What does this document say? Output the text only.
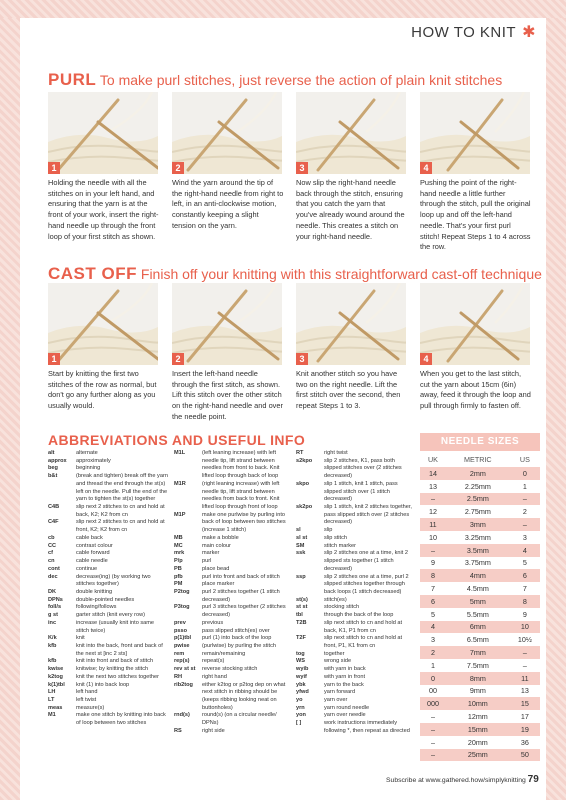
HOW TO KNIT ✱
PURL To make purl stitches, just reverse the action of plain knit stitches
1
Holding the needle with all the stitches on in your left hand, and ensuring that the yarn is at the front of your work, insert the right-hand needle up through the front loop of your first stitch as shown.
2
Wind the yarn around the tip of the right-hand needle from right to left, in an anti-clockwise motion, constantly keeping a slight tension on the yarn.
3
Now slip the right-hand needle back through the stitch, ensuring that you catch the yarn that you've already wound around the needle. This creates a stitch on your right-hand needle.
4
Pushing the point of the right-hand needle a little further through the stitch, pull the original loop up and off the left-hand needle. That's your first purl stitch! Repeat Steps 1 to 4 across the row.
CAST OFF Finish off your knitting with this straightforward cast-off technique
1
Start by knitting the first two stitches of the row as normal, but don't go any further along as you usually would.
2
Insert the left-hand needle through the first stitch, as shown. Lift this stitch over the other stitch on the right-hand needle and over the needle point.
3
Knit another stitch so you have two on the right needle. Lift the first stitch over the second, then repeat Steps 1 to 3.
4
When you get to the last stitch, cut the yarn about 15cm (6in) away, feed it through the loop and pull through firmly to fasten off.
ABBREVIATIONS AND USEFUL INFO
alt	alternate
approx	approximately
beg	beginning
b&t	(break and tighten) break off the yarn and thread the end through the st(s) left on the needle. Pull the end of the yarn to tighten the st(s) together
C4B	slip next 2 stitches to cn and hold at back, K2; K2 from cn
C4F	slip next 2 stitches to cn and hold at front, K2; K2 from cn
cb	cable back
CC	contrast colour
cf	cable forward
cn	cable needle
cont	continue
dec	decrease(ing) (by working two stitches together)
DK	double knitting
DPNs	double-pointed needles
foll/s	following/follows
g st	garter stitch (knit every row)
inc	increase (usually knit into same stitch twice)
K/k	knit
kfb	knit into the back, front and back of the next st [inc 2 sts]
kfb	knit into front and back of stitch
kwise	knitwise; by knitting the stitch
k2tog	knit the next two stitches together
k(1)tbl	knit (1) into back loop
LH	left hand
LT	left twist
meas	measure(s)
M1	make one stitch by knitting into back of loop between two stitches
M1L	(left leaning increase) with left needle tip, lift strand between needles from front to back. Knit lifted loop through back of loop
M1R	(right leaning increase) with left needle tip, lift strand between needles from back to front. Knit lifted loop through front of loop
M1P	make one purlwise by purling into back of loop between two stitches (increase 1 stitch)
MB	make a bobble
MC	main colour
mrk	marker
P/p	purl
PB	place bead
pfb	purl into front and back of stitch
PM	place marker
P2tog	purl 2 stitches together (1 stitch decreased)
P3tog	purl 3 stitches together (2 stitches decreased)
prev	previous
psso	pass slipped stitch(es) over
p(1)tbl	purl (1) into back of the loop
pwise	(purlwise) by purling the stitch
rem	remain/remaining
rep(s)	repeat(s)
rev st st	reverse stocking stitch
RH	right hand
rib2tog	either k2tog or p2tog dep on what next stitch in ribbing should be (keeps ribbing looking neat on buttonholes)
rnd(s)	round(s) (on a circular needle/ DPNs)
RS	right side
RT	right twist
s2kpo	slip 2 stitches, K1, pass both slipped stitches over (2 stitches decreased)
skpo	slip 1 stitch, knit 1 stitch, pass slipped stitch over (1 stitch decreased)
sk2po	slip 1 stitch, knit 2 stitches together, pass slipped stitch over (2 stitches decreased)
sl	slip
sl st	slip stitch
SM	stitch marker
ssk	slip 2 stitches one at a time, knit 2 slipped sts together (1 stitch decreased)
ssp	slip 2 stitches one at a time, purl 2 slipped stitches together through back loops (1 stitch decreased)
st(s)	stitch(es)
st st	stocking stitch
tbl	through the back of the loop
T2B	slip next stitch to cn and hold at back, K1, P1 from cn
T2F	slip next stitch to cn and hold at front, P1, K1 from cn
tog	together
WS	wrong side
wyib	with yarn in back
wyif	with yarn in front
ybk	yarn to the back
yfwd	yarn forward
yo	yarn over
yrn	yarn round needle
yon	yarn over needle
[ ]	work instructions immediately following *, then repeat as directed
NEEDLE SIZES
UK	METRIC	US
14	2mm	0
13	2.25mm	1
–	2.5mm	–
12	2.75mm	2
11	3mm	–
10	3.25mm	3
–	3.5mm	4
9	3.75mm	5
8	4mm	6
7	4.5mm	7
6	5mm	8
5	5.5mm	9
4	6mm	10
3	6.5mm	10½
2	7mm	–
1	7.5mm	–
0	8mm	11
00	9mm	13
000	10mm	15
–	12mm	17
–	15mm	19
–	20mm	36
–	25mm	50
Subscribe at www.gathered.how/simplyknitting 79
